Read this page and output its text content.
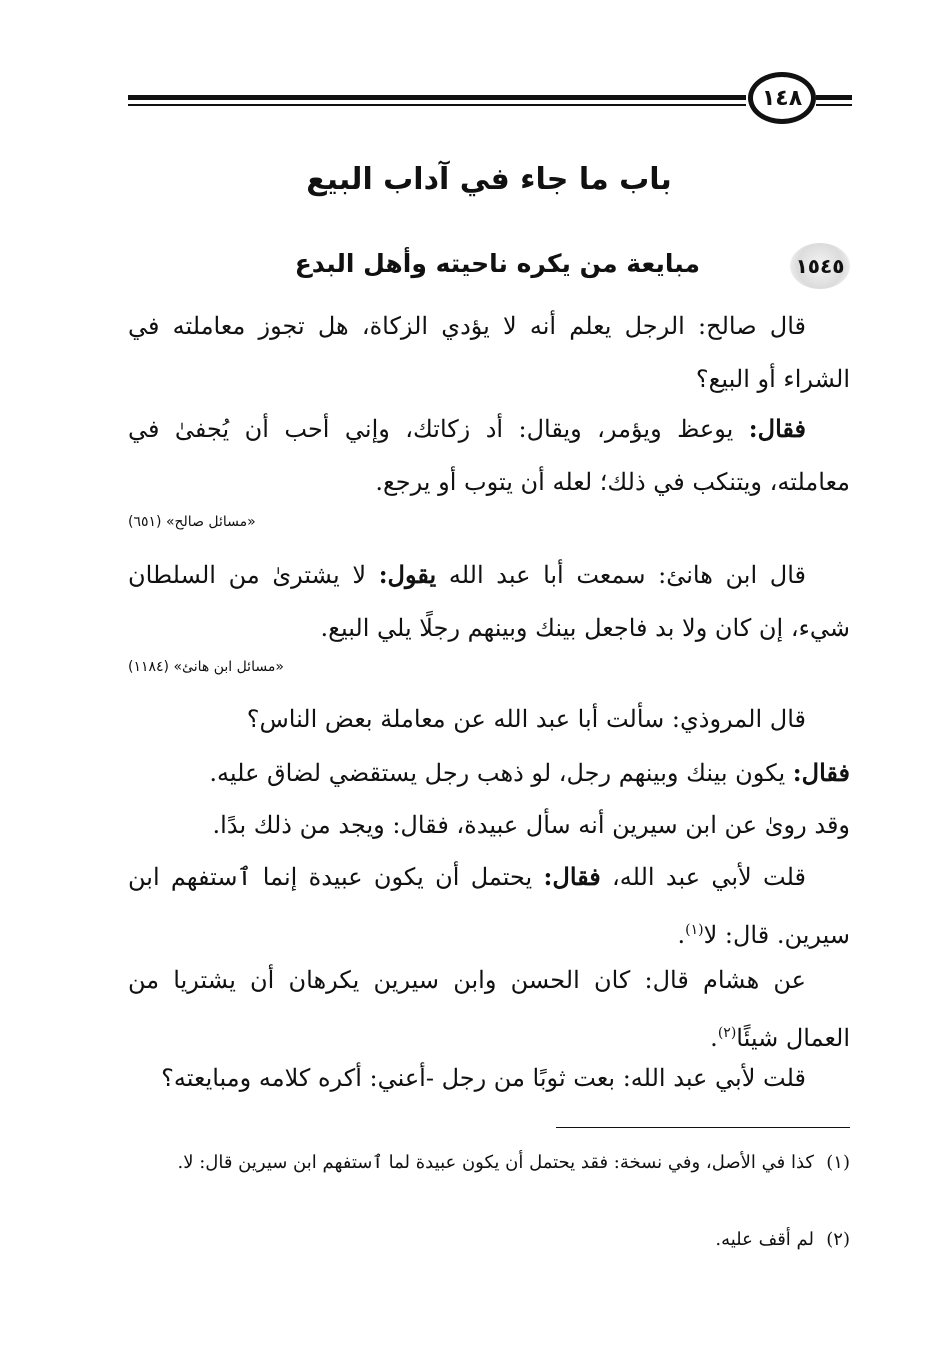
١٤٨
باب ما جاء في آداب البيع
١٥٤٥
مبايعة من يكره ناحيته وأهل البدع

قال صالح: الرجل يعلم أنه لا يؤدي الزكاة، هل تجوز معاملته في الشراء أو البيع؟

فقال: يوعظ ويؤمر، ويقال: أد زكاتك، وإني أحب أن يُجفىٰ في معاملته، ويتنكب في ذلك؛ لعله أن يتوب أو يرجع.

«مسائل صالح» (٦٥١)

قال ابن هانئ: سمعت أبا عبد الله يقول: لا يشترىٰ من السلطان شيء، إن كان ولا بد فاجعل بينك وبينهم رجلًا يلي البيع.

«مسائل ابن هانئ» (١١٨٤)

قال المروذي: سألت أبا عبد الله عن معاملة بعض الناس؟

فقال: يكون بينك وبينهم رجل، لو ذهب رجل يستقضي لضاق عليه.

وقد رویٰ عن ابن سيرين أنه سأل عبيدة، فقال: ويجد من ذلك بدًا.

قلت لأبي عبد الله، فقال: يحتمل أن يكون عبيدة إنما ٱستفهم ابن سيرين. قال: لا$^{(١)}$.

عن هشام قال: كان الحسن وابن سيرين يكرهان أن يشتريا من العمال شيئًا$^{(٢)}$.

قلت لأبي عبد الله: بعت ثوبًا من رجل -أعني: أكره كلامه ومبايعته؟

(١)كذا في الأصل، وفي نسخة: فقد يحتمل أن يكون عبيدة لما ٱستفهم ابن سيرين قال: لا.
(٢)لم أقف عليه.
